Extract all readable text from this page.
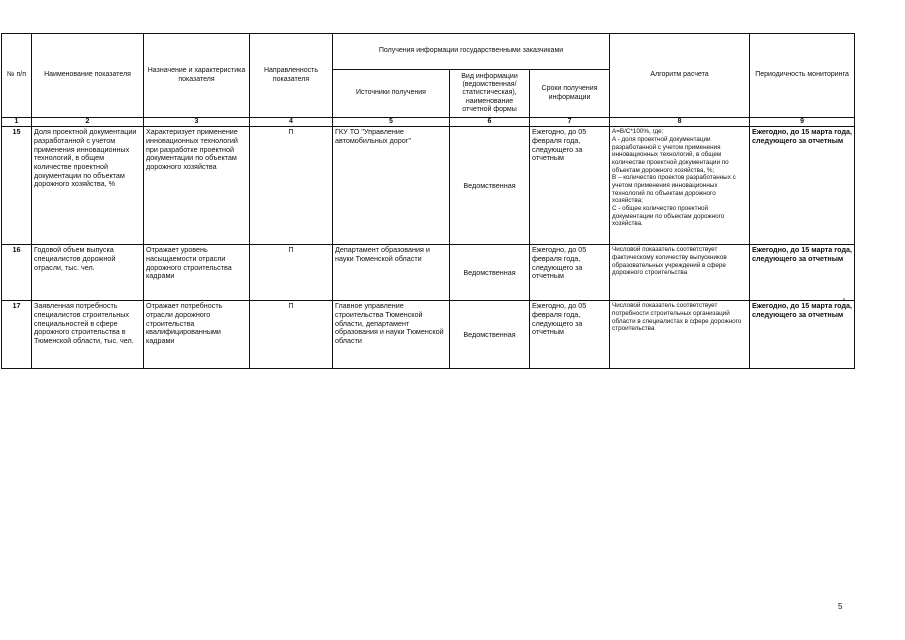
№ п/п	Наименование показателя	Назначение и характеристика показателя	Направленность показателя	Получения информации государственными заказчиками			Алгоритм расчета	Периодичность мониторинга
				Источники получения	Вид информации (ведомственная/ статистическая), наименование отчетной формы	Сроки получения информации		
1	2	3	4	5	6	7	8	9
15	Доля проектной документации разработанной с учетом применения инновационных технологий, в общем количестве проектной документации по объектам дорожного хозяйства, %	Характеризует применение инновационных технологий при разработке проектной документации по объектам дорожного хозяйства	П	ГКУ ТО "Управление автомобильных дорог"	Ведомственная	Ежегодно, до 05 февраля года, следующего за отчетным	A=B/C*100%, где:
A - доля проектной документации разработанной с учетом применения инновационных технологий, в общем количестве проектной документации по объектам дорожного хозяйства, %;
B – количество проектов разработанных с учетом применения инновационных технологий по объектам дорожного хозяйства;
C - общее количество проектной документации по объектам дорожного хозяйства.	Ежегодно, до 15 марта года, следующего за отчетным
16	Годовой объем выпуска специалистов дорожной отрасли, тыс. чел.	Отражает уровень насыщаемости отрасли дорожного строительства кадрами	П	Департамент образования и науки Тюменской области	Ведомственная	Ежегодно, до 05 февраля года, следующего за отчетным	Числовой показатель соответствует фактическому количеству выпускников образовательных учреждений в сфере дорожного строительства	Ежегодно, до 15 марта года, следующего за отчетным
17	Заявленная потребность специалистов строительных специальностей в сфере дорожного строительства в Тюменской области, тыс. чел.	Отражает потребность отрасли дорожного строительства квалифицированными кадрами	П	Главное управление строительства Тюменской области, департамент образования и науки Тюменской области	Ведомственная	Ежегодно, до 05 февраля года, следующего за отчетным	Числовой показатель соответствует потребности строительных организаций области в специалистах в сфере дорожного строительства	Ежегодно, до 15 марта года, следующего за отчетным
5
